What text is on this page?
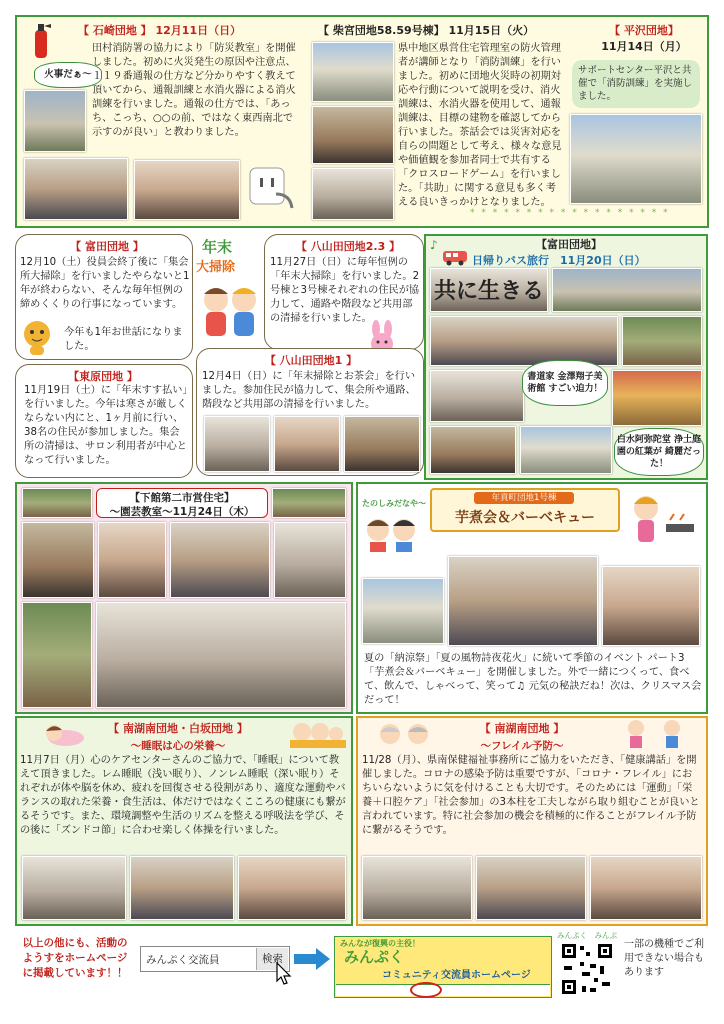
【 石崎団地 】 12月11日（日）
火事だぁ～
田村消防署の協力により「防災教室」を開催しました。初めに火災発生の原因や注意点、１１９番通報の仕方など分かりやすく教えて頂いてから、通報訓練と水消火器による消火訓練を行いました。通報の仕方では、「あっち、こっち、○○の前、ではなく東西南北で示すのが良い」と教わりました。
【 柴宮団地58.59号棟】 11月15日（火）
県中地区県営住宅管理室の防火管理者が講師となり「消防訓練」を行いました。初めに団地火災時の初期対応や行動について説明を受け、消火訓練は、水消火器を使用して、通報訓練は、目標の建物を確認してから行いました。茶話会では災害対応を自らの問題として考え、様々な意見や価値観を参加者同士で共有する「クロスロードゲーム」を行いました。「共助」に関する意見も多く考える良いきっかけとなりました。
【 平沢団地】
11月14日（月）
サポートセンター平沢と共催で「消防訓練」を実施しました。
* * * * * * * * * * * * * * * * * *
【 富田団地 】
12月10（土）役員会終了後に「集会所大掃除」を行いましたやらないと1年が終わらない、そんな毎年恒例の締めくくりの行事になっています。
今年も1年お世話になりました。
【東原団地 】
11月19日（土）に「年末すす払い」を行いました。今年は寒さが厳しくならない内にと、1ヶ月前に行い、38名の住民が参加しました。集会所の清掃は、サロン利用者が中心となって行いました。
年末
大掃除
【 八山田団地2.3 】
11月27日（日）に毎年恒例の「年末大掃除」を行いました。2号棟と3号棟それぞれの住民が協力して、通路や階段など共用部の清掃を行いました。
【 八山田団地1 】
12月4日（日）に「年末掃除とお茶会」を行いました。参加住民が協力して、集会所や通路、階段など共用部の清掃を行いました。
♪	【富田団地】
日帰りバス旅行　11月20日（日）
共に生きる
書道家 金澤翔子美術館 すごい迫力！
白水阿弥陀堂 浄土庭園の紅葉が 綺麗だった！
【下館第二市営住宅】
～園芸教室～11月24日（木）
たのしみだなや～
年貢町団地1号棟
芋煮会＆バーベキュー
夏の「納涼祭」「夏の風物詩夜花火」に続いて季節のイベント パート3「芋煮会＆バーベキュー」を開催しました。外で一緒につくって、食べて、飲んで、しゃべって、笑って♫ 元気の秘訣だね！次は、クリスマス会だって！
【 南湖南団地・白坂団地 】
～睡眠は心の栄養～
11月7日（月）心のケアセンターさんのご協力で、「睡眠」について教えて頂きました。レム睡眠（浅い眠り）、ノンレム睡眠（深い眠り）それぞれが体や脳を休め、疲れを回復させる役割があり、適度な運動やバランスの取れた栄養・食生活は、体だけではなくこころの健康にも繋がるそうです。また、環境調整や生活のリズムを整える呼吸法を学び、その後に「ズンドコ節」に合わせ楽しく体操を行いました。
【 南湖南団地 】
～フレイル予防～
11/28（月）、県南保健福祉事務所にご協力をいただき、「健康講話」を開催しました。コロナの感染予防は重要ですが、「コロナ・フレイル」におちいらないように気を付けることも大切です。そのためには「運動」「栄養＋口腔ケア」「社会参加」の3本柱を工夫しながら取り組むことが良いと言われています。特に社会参加の機会を積極的に作ることがフレイル予防に繋がるそうです。
以上の他にも、活動のようすをホームページに掲載しています！！
みんぷく交流員	検索
みんなが復興の主役！
みんぷく
コミュニティ交流員ホームページ
みんぷく　みんぷ
一部の機種でご利用できない場合もあります
